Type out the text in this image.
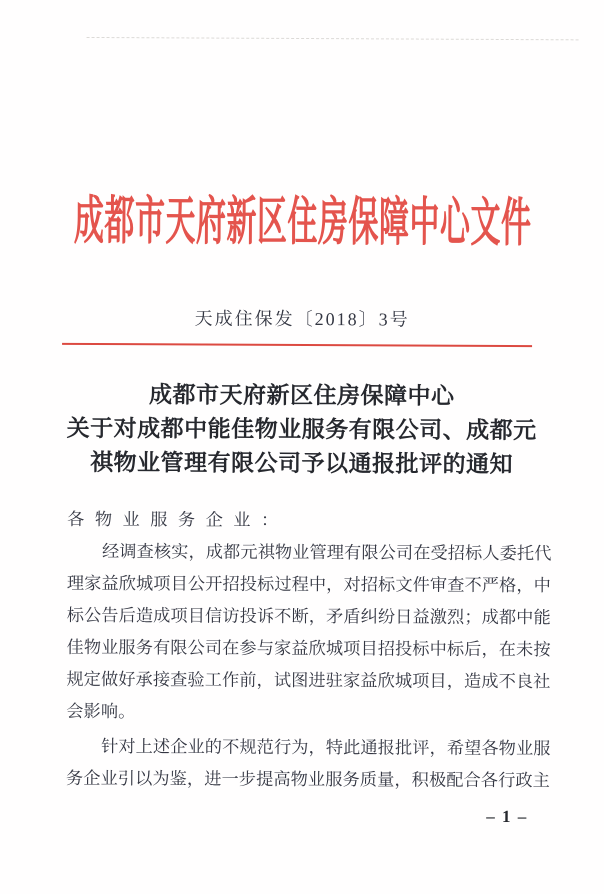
成都市天府新区住房保障中心文件
天成住保发〔2018〕3号
成都市天府新区住房保障中心
关于对成都中能佳物业服务有限公司、成都元
祺物业管理有限公司予以通报批评的通知
各物业服务企业：
经调查核实，成都元祺物业管理有限公司在受招标人委托代
理家益欣城项目公开招投标过程中，对招标文件审查不严格，中
标公告后造成项目信访投诉不断，矛盾纠纷日益激烈；成都中能
佳物业服务有限公司在参与家益欣城项目招投标中标后，在未按
规定做好承接查验工作前，试图进驻家益欣城项目，造成不良社
会影响。
针对上述企业的不规范行为，特此通报批评，希望各物业服
务企业引以为鉴，进一步提高物业服务质量，积极配合各行政主
– 1 –
